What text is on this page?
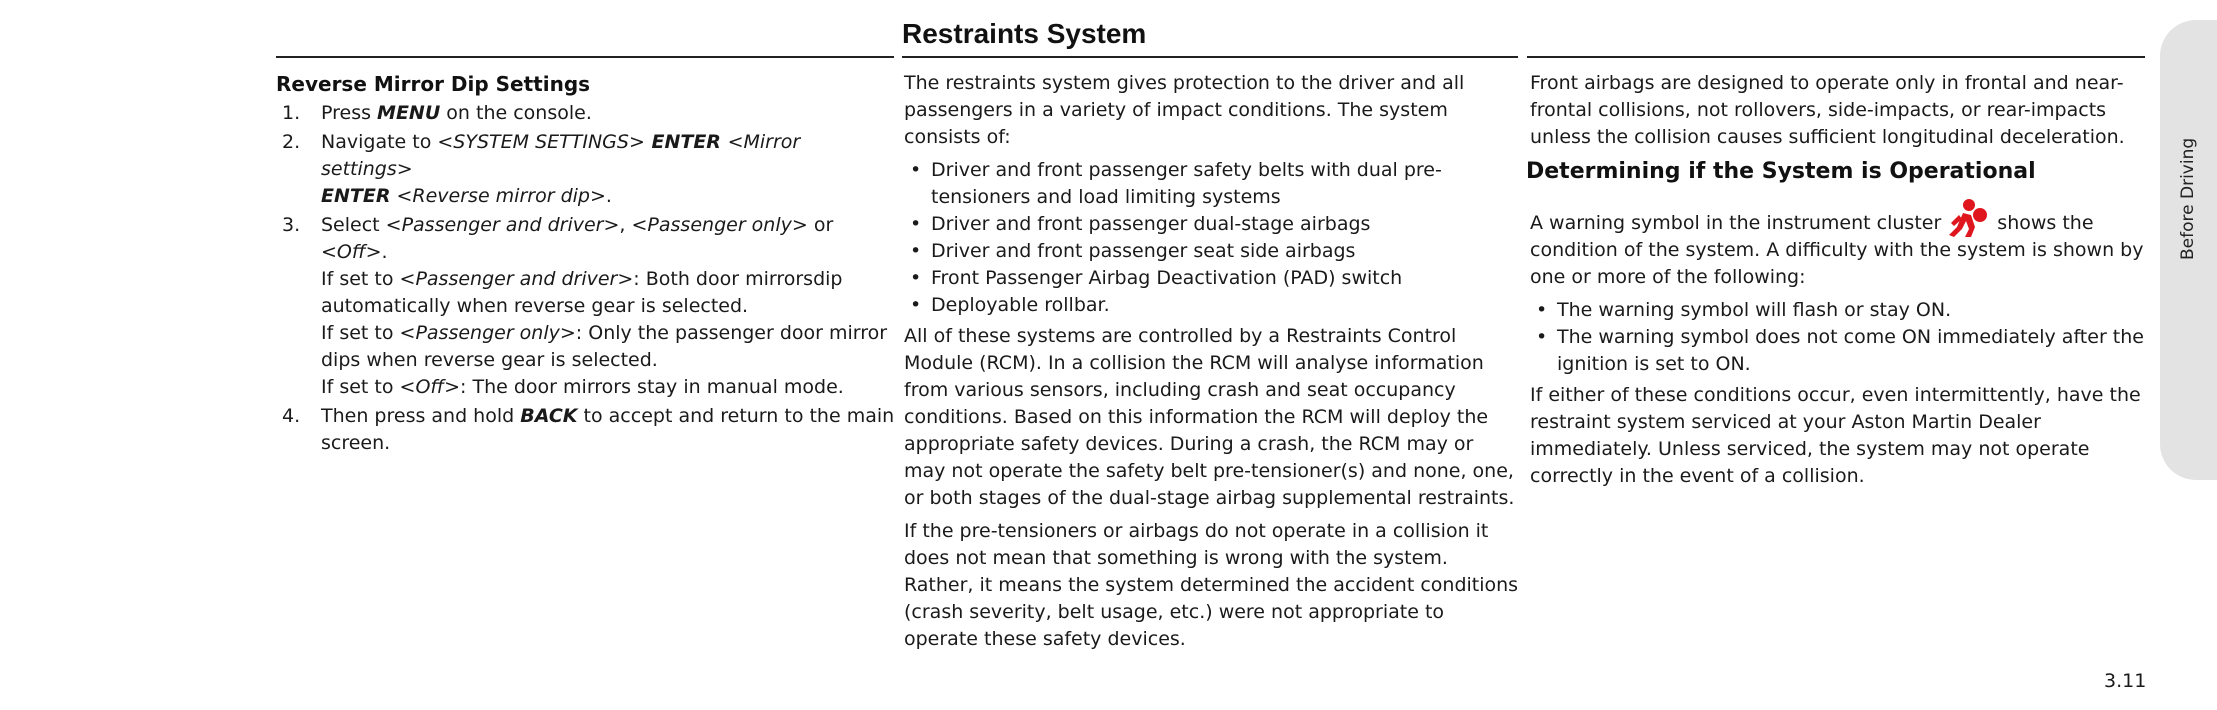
Restraints System
Reverse Mirror Dip Settings
1. Press MENU on the console.
2. Navigate to <SYSTEM SETTINGS> ENTER <Mirror settings>
ENTER <Reverse mirror dip>.
3. Select <Passenger and driver>, <Passenger only> or <Off>.
If set to <Passenger and driver>: Both door mirrorsdip automatically when reverse gear is selected.
If set to <Passenger only>: Only the passenger door mirror dips when reverse gear is selected.
If set to <Off>: The door mirrors stay in manual mode.
4. Then press and hold BACK to accept and return to the main screen.

The restraints system gives protection to the driver and all passengers in a variety of impact conditions. The system consists of:

• Driver and front passenger safety belts with dual pre-tensioners and load limiting systems
• Driver and front passenger dual-stage airbags
• Driver and front passenger seat side airbags
• Front Passenger Airbag Deactivation (PAD) switch
• Deployable rollbar.

All of these systems are controlled by a Restraints Control Module (RCM). In a collision the RCM will analyse information from various sensors, including crash and seat occupancy conditions. Based on this information the RCM will deploy the appropriate safety devices. During a crash, the RCM may or may not operate the safety belt pre-tensioner(s) and none, one, or both stages of the dual-stage airbag supplemental restraints.

If the pre-tensioners or airbags do not operate in a collision it does not mean that something is wrong with the system. Rather, it means the system determined the accident conditions (crash severity, belt usage, etc.) were not appropriate to operate these safety devices.

Front airbags are designed to operate only in frontal and near-frontal collisions, not rollovers, side-impacts, or rear-impacts unless the collision causes sufficient longitudinal deceleration.

Determining if the System is Operational

A warning symbol in the instrument cluster	shows the condition of the system. A difficulty with the system is shown by one or more of the following:

• The warning symbol will flash or stay ON.
• The warning symbol does not come ON immediately after the ignition is set to ON.

If either of these conditions occur, even intermittently, have the restraint system serviced at your Aston Martin Dealer immediately. Unless serviced, the system may not operate correctly in the event of a collision.

Before Driving
3.11
